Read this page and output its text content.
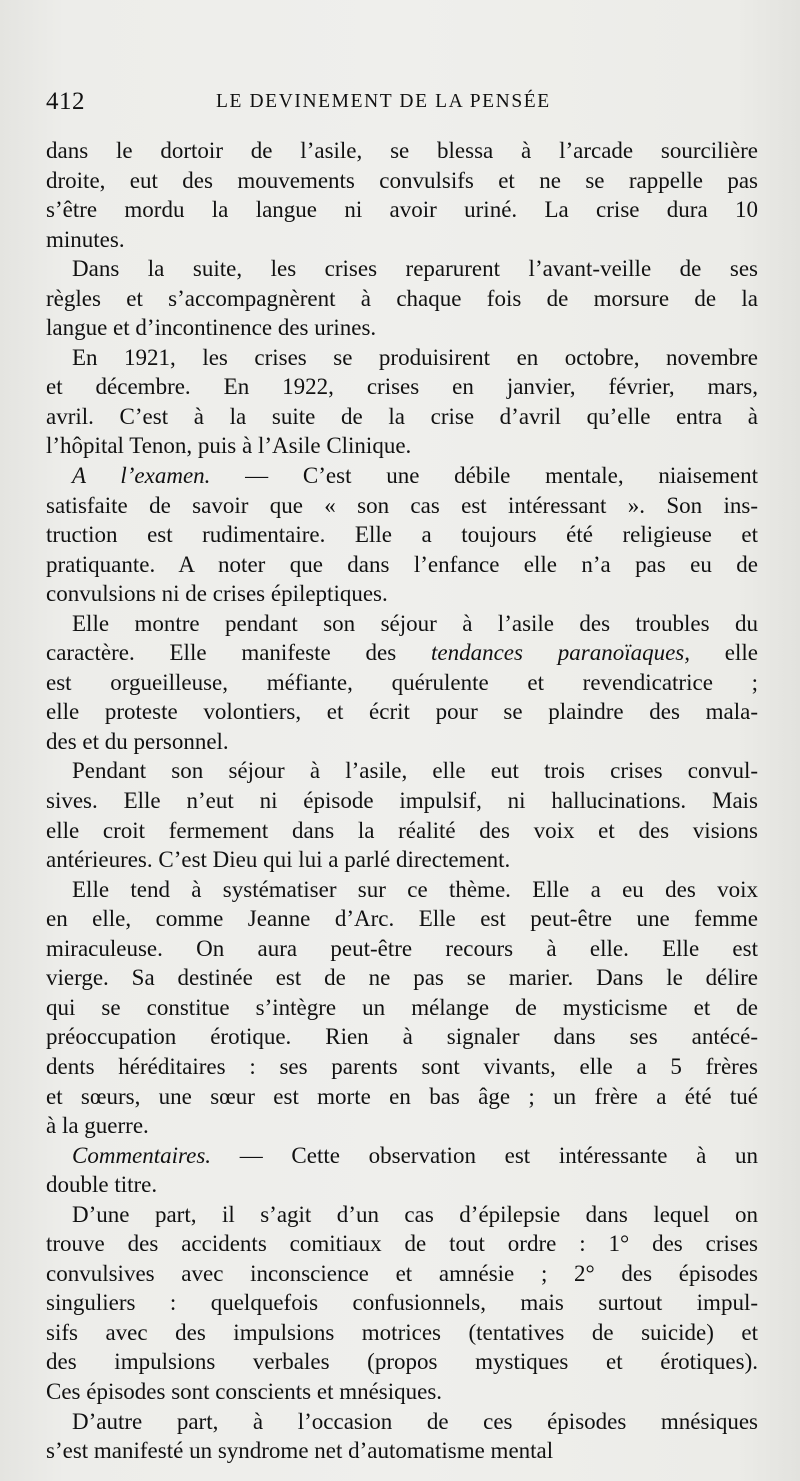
412	LE DEVINEMENT DE LA PENSÉE
dans le dortoir de l’asile, se blessa à l’arcade sourcilière
droite, eut des mouvements convulsifs et ne se rappelle pas
s’être mordu la langue ni avoir uriné. La crise dura 10
minutes.
Dans la suite, les crises reparurent l’avant-veille de ses
règles et s’accompagnèrent à chaque fois de morsure de la
langue et d’incontinence des urines.
En 1921, les crises se produisirent en octobre, novembre
et décembre. En 1922, crises en janvier, février, mars,
avril. C’est à la suite de la crise d’avril qu’elle entra à
l’hôpital Tenon, puis à l’Asile Clinique.
A l’examen. — C’est une débile mentale, niaisement
satisfaite de savoir que « son cas est intéressant ». Son ins-
truction est rudimentaire. Elle a toujours été religieuse et
pratiquante. A noter que dans l’enfance elle n’a pas eu de
convulsions ni de crises épileptiques.
Elle montre pendant son séjour à l’asile des troubles du
caractère. Elle manifeste des tendances paranoïaques, elle
est orgueilleuse, méfiante, quérulente et revendicatrice ;
elle proteste volontiers, et écrit pour se plaindre des mala-
des et du personnel.
Pendant son séjour à l’asile, elle eut trois crises convul-
sives. Elle n’eut ni épisode impulsif, ni hallucinations. Mais
elle croit fermement dans la réalité des voix et des visions
antérieures. C’est Dieu qui lui a parlé directement.
Elle tend à systématiser sur ce thème. Elle a eu des voix
en elle, comme Jeanne d’Arc. Elle est peut-être une femme
miraculeuse. On aura peut-être recours à elle. Elle est
vierge. Sa destinée est de ne pas se marier. Dans le délire
qui se constitue s’intègre un mélange de mysticisme et de
préoccupation érotique. Rien à signaler dans ses antécé-
dents héréditaires : ses parents sont vivants, elle a 5 frères
et sœurs, une sœur est morte en bas âge ; un frère a été tué
à la guerre.
Commentaires. — Cette observation est intéressante à un
double titre.
D’une part, il s’agit d’un cas d’épilepsie dans lequel on
trouve des accidents comitiaux de tout ordre : 1° des crises
convulsives avec inconscience et amnésie ; 2° des épisodes
singuliers : quelquefois confusionnels, mais surtout impul-
sifs avec des impulsions motrices (tentatives de suicide) et
des impulsions verbales (propos mystiques et érotiques).
Ces épisodes sont conscients et mnésiques.
D’autre part, à l’occasion de ces épisodes mnésiques
s’est manifesté un syndrome net d’automatisme mental
